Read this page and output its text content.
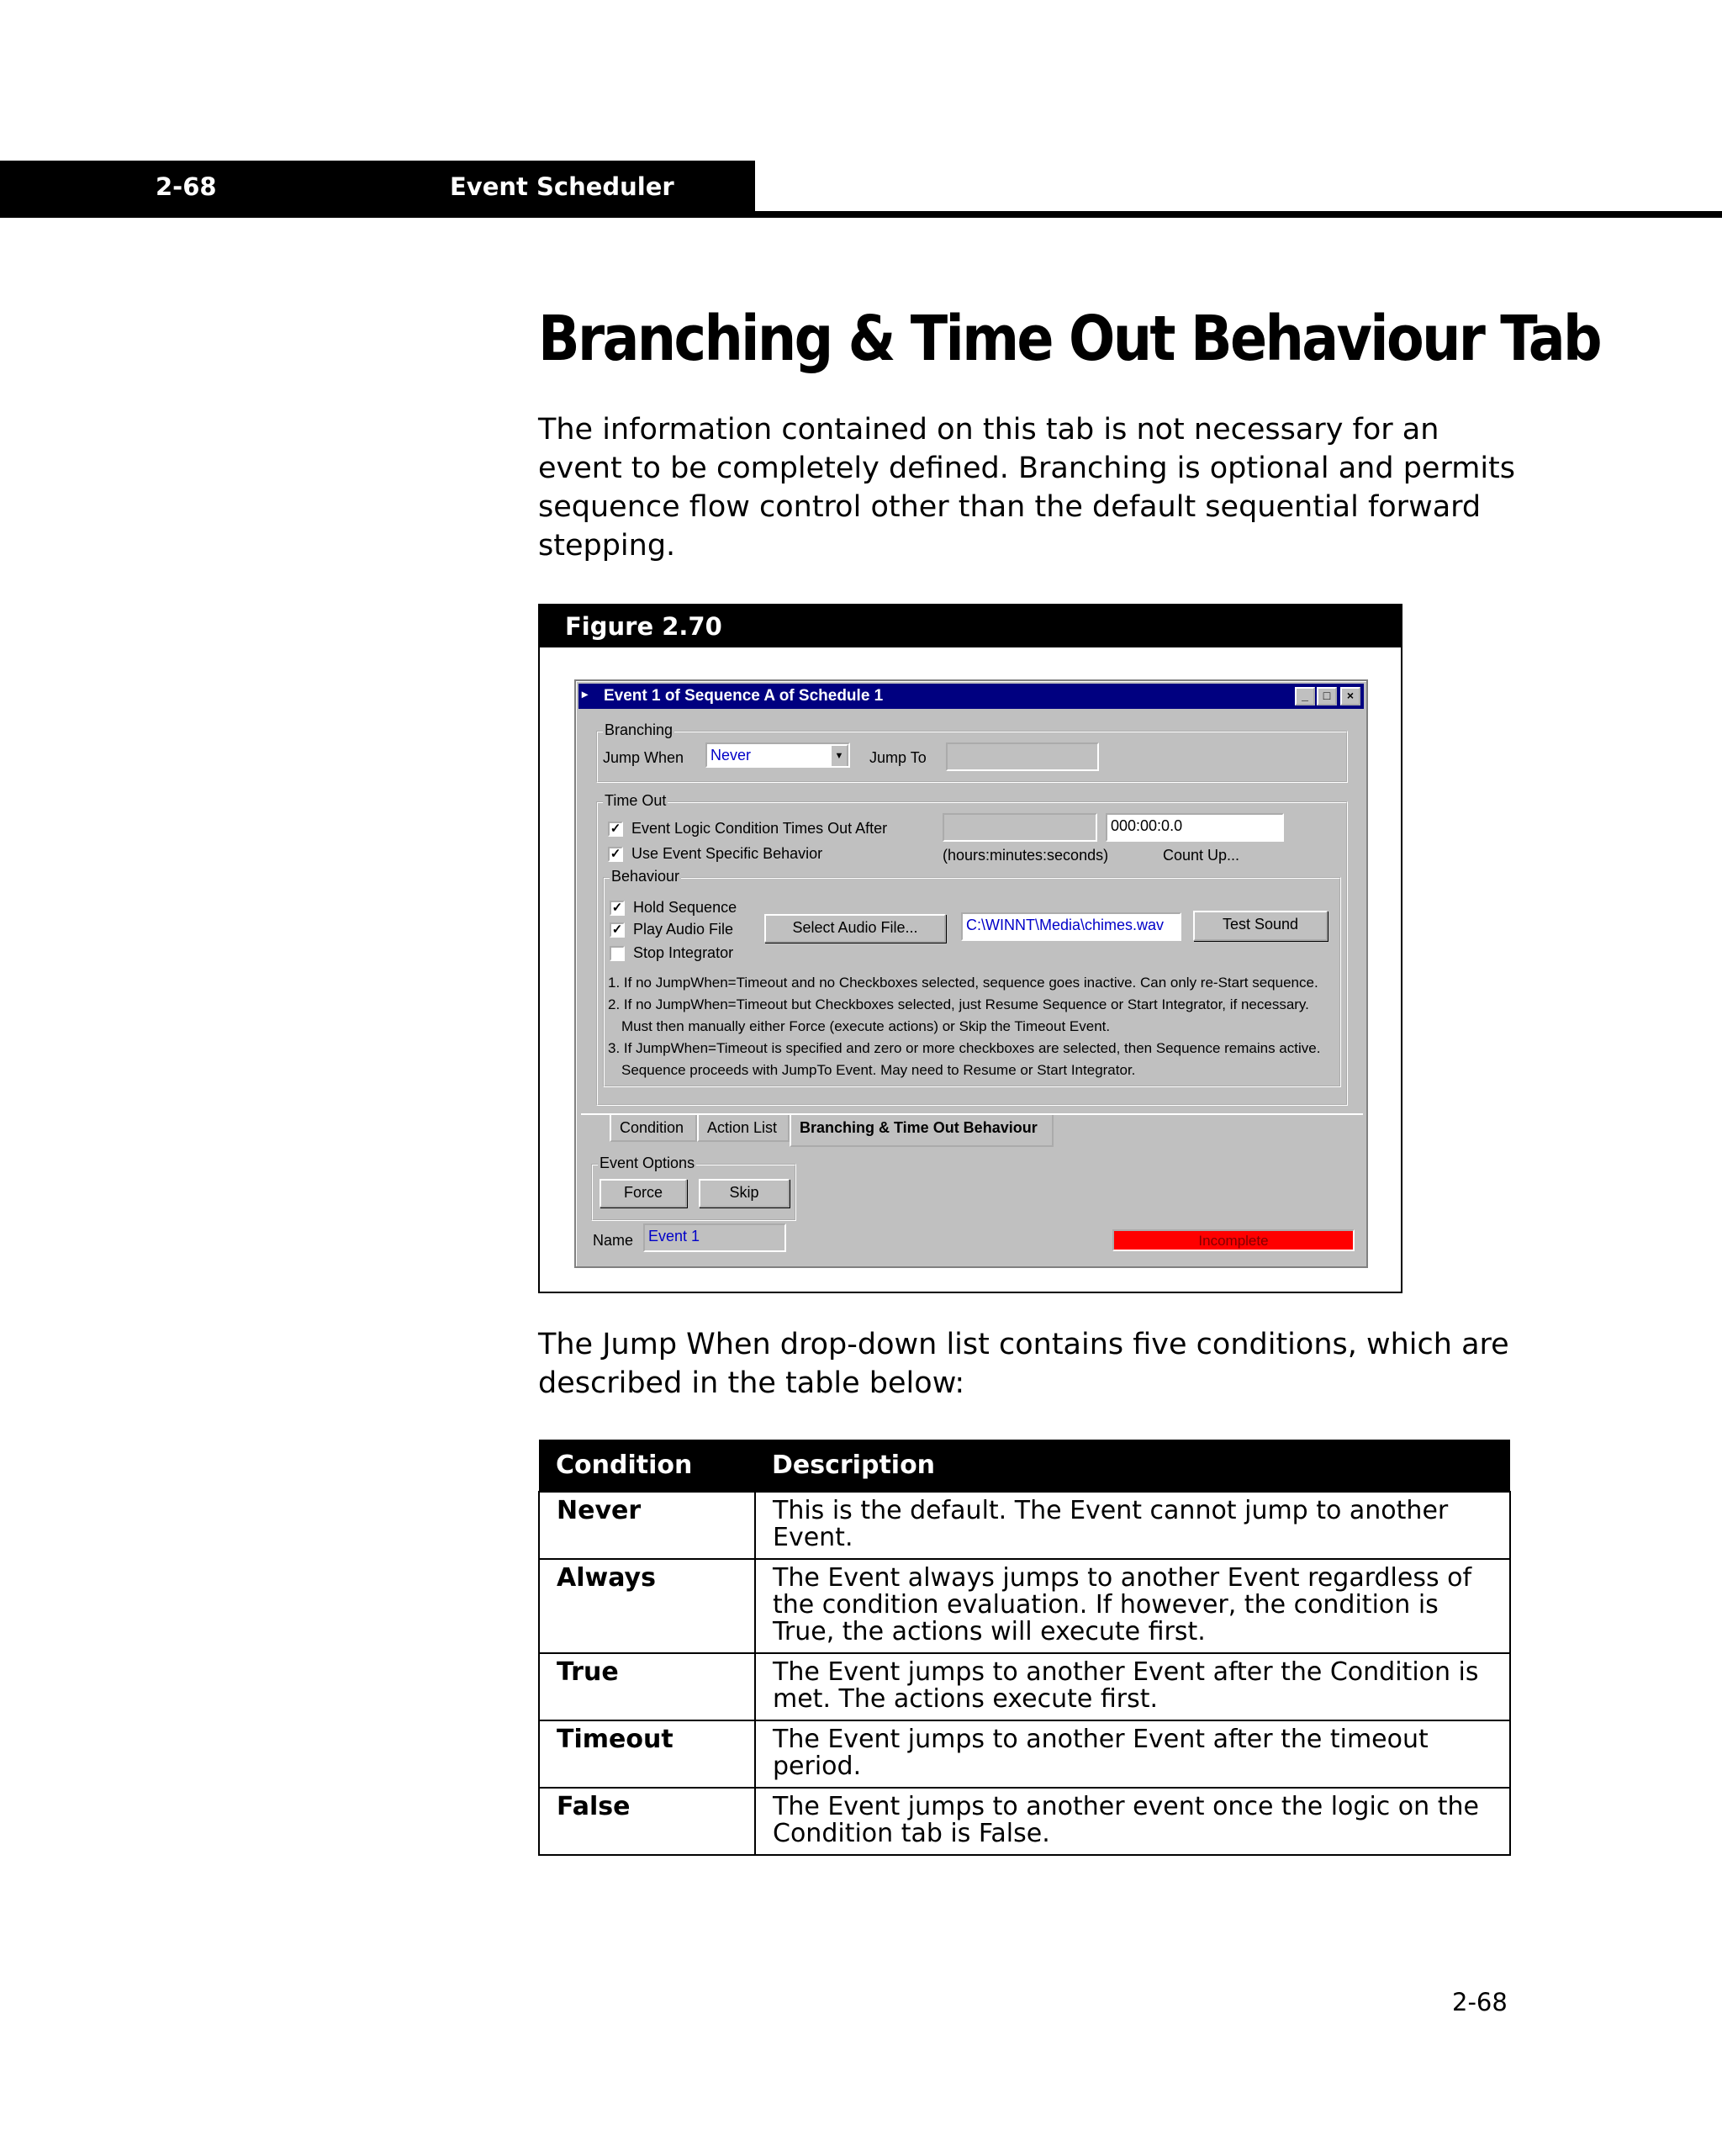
2-68	Event Scheduler
Branching & Time Out Behaviour Tab

The information contained on this tab is not necessary for an event to be completely defined. Branching is optional and permits sequence flow control other than the default sequential forward stepping.

Figure 2.70
▸ Event 1 of Sequence A of Schedule 1	_	□	×
Branching
Jump When	Never	▼	Jump To
Time Out
✓ Event Logic Condition Times Out After
✓ Use Event Specific Behavior
000:00:0.0
(hours:minutes:seconds)	Count Up...
Behaviour
✓ Hold Sequence
✓ Play Audio File
Stop Integrator
Select Audio File...	C:\WINNT\Media\chimes.wav	Test Sound
1. If no JumpWhen=Timeout and no Checkboxes selected, sequence goes inactive. Can only re-Start sequence.
2. If no JumpWhen=Timeout but Checkboxes selected, just Resume Sequence or Start Integrator, if necessary.
Must then manually either Force (execute actions) or Skip the Timeout Event.
3. If JumpWhen=Timeout is specified and zero or more checkboxes are selected, then Sequence remains active.
Sequence proceeds with JumpTo Event. May need to Resume or Start Integrator.
Condition	Action List	Branching & Time Out Behaviour
Event Options
Force	Skip
Name Event 1	Incomplete

The Jump When drop-down list contains five conditions, which are described in the table below:

Condition	Description
Never	This is the default. The Event cannot jump to another Event.
Always	The Event always jumps to another Event regardless of the condition evaluation. If however, the condition is True, the actions will execute first.
True	The Event jumps to another Event after the Condition is met. The actions execute first.
Timeout	The Event jumps to another Event after the timeout period.
False	The Event jumps to another event once the logic on the Condition tab is False.
2-68
